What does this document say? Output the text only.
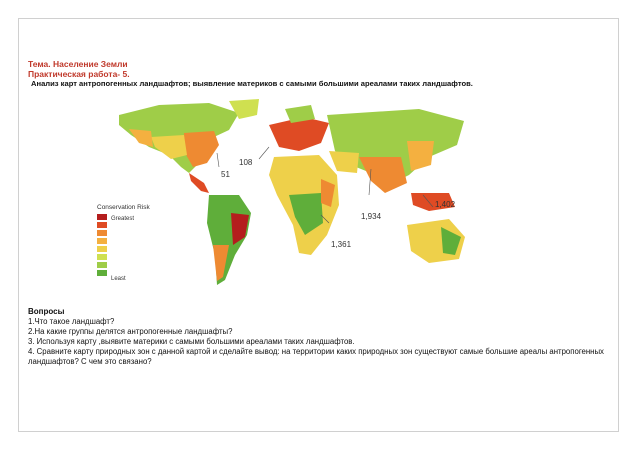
Тема. Население Земли
Практическая работа- 5.
Анализ карт антропогенных ландшафтов; выявление материков с самыми большими ареалами таких ландшафтов.
108
51
1,934
1,402
1,361
Conservation Risk
Greatest
Least
Вопросы
1.Что такое ландшафт?
2.На какие группы делятся антропогенные ландшафты?
3. Используя карту ,выявите материки с самыми большими ареалами таких ландшафтов.
4. Сравните карту природных зон с данной картой и сделайте вывод: на территории каких природных зон существуют самые большие ареалы антропогенных ландшафтов? С чем это связано?
